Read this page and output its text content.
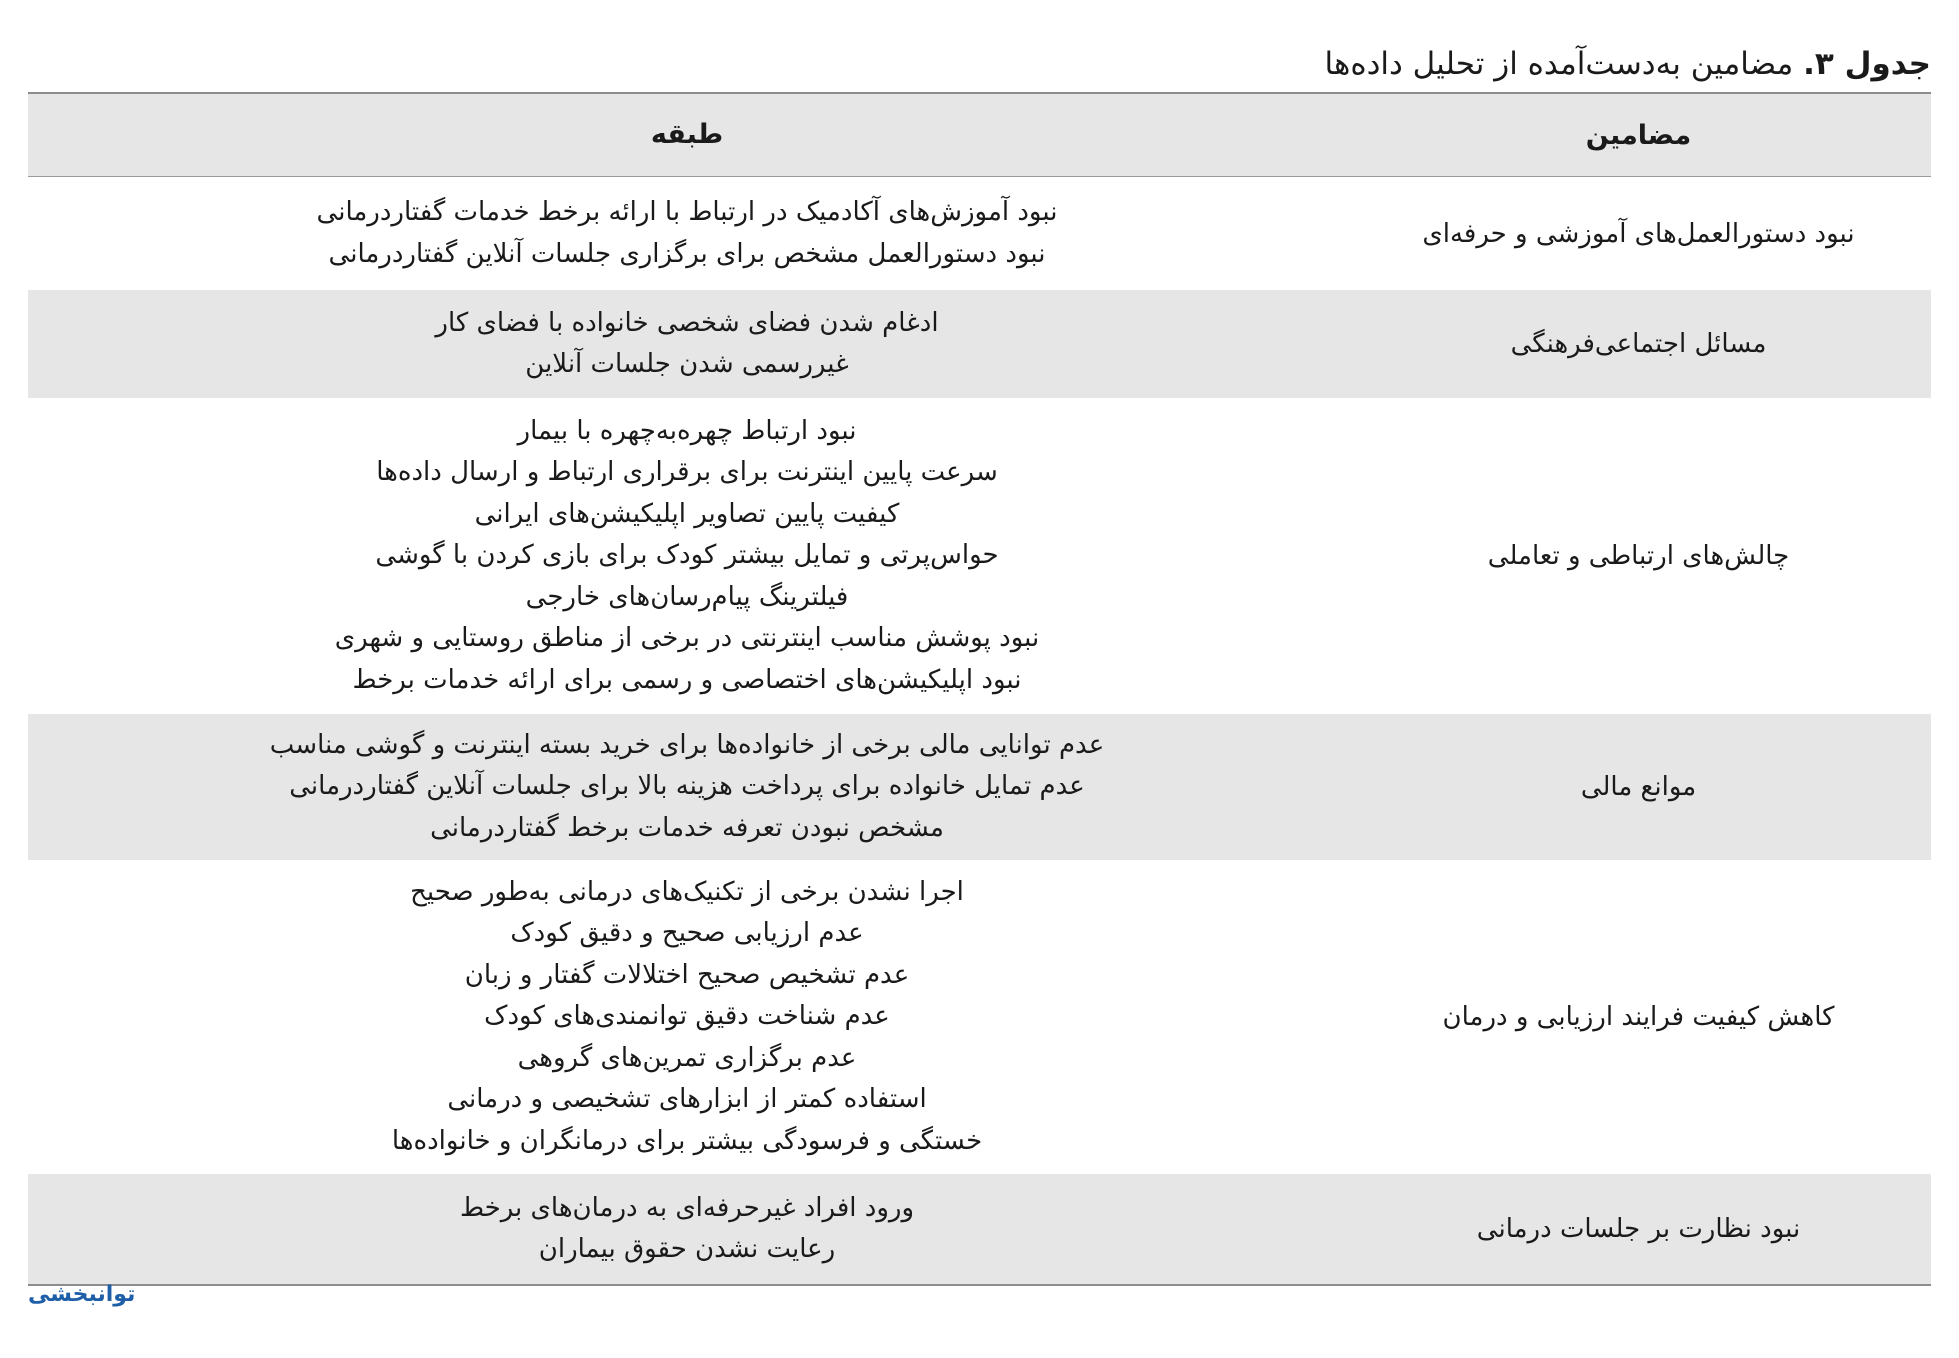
جدول ۳. مضامین به‌دست‌آمده از تحلیل داده‌ها
مضامین
طبقه
نبود دستورالعمل‌های آموزشی و حرفه‌ای
نبود آموزش‌های آکادمیک در ارتباط با ارائه برخط خدمات گفتاردرمانی
نبود دستورالعمل مشخص برای برگزاری جلسات آنلاین گفتاردرمانی
مسائل اجتماعی‌فرهنگی
ادغام شدن فضای شخصی خانواده با فضای کار
غیررسمی شدن جلسات آنلاین
چالش‌های ارتباطی و تعاملی
نبود ارتباط چهره‌به‌چهره با بیمار
سرعت پایین اینترنت برای برقراری ارتباط و ارسال داده‌ها
کیفیت پایین تصاویر اپلیکیشن‌های ایرانی
حواس‌پرتی و تمایل بیشتر کودک برای بازی کردن با گوشی
فیلترینگ پیام‌رسان‌های خارجی
نبود پوشش مناسب اینترنتی در برخی از مناطق روستایی و شهری
نبود اپلیکیشن‌های اختصاصی و رسمی برای ارائه خدمات برخط
موانع مالی
عدم توانایی مالی برخی از خانواده‌ها برای خرید بسته اینترنت و گوشی مناسب
عدم تمایل خانواده برای پرداخت هزینه بالا برای جلسات آنلاین گفتاردرمانی
مشخص نبودن تعرفه خدمات برخط گفتاردرمانی
کاهش کیفیت فرایند ارزیابی و درمان
اجرا نشدن برخی از تکنیک‌های درمانی به‌طور صحیح
عدم ارزیابی صحیح و دقیق کودک
عدم تشخیص صحیح اختلالات گفتار و زبان
عدم شناخت دقیق توانمندی‌های کودک
عدم برگزاری تمرین‌های گروهی
استفاده کمتر از ابزارهای تشخیصی و درمانی
خستگی و فرسودگی بیشتر برای درمانگران و خانواده‌ها
نبود نظارت بر جلسات درمانی
ورود افراد غیرحرفه‌ای به درمان‌های برخط
رعایت نشدن حقوق بیماران
توانبخشی
